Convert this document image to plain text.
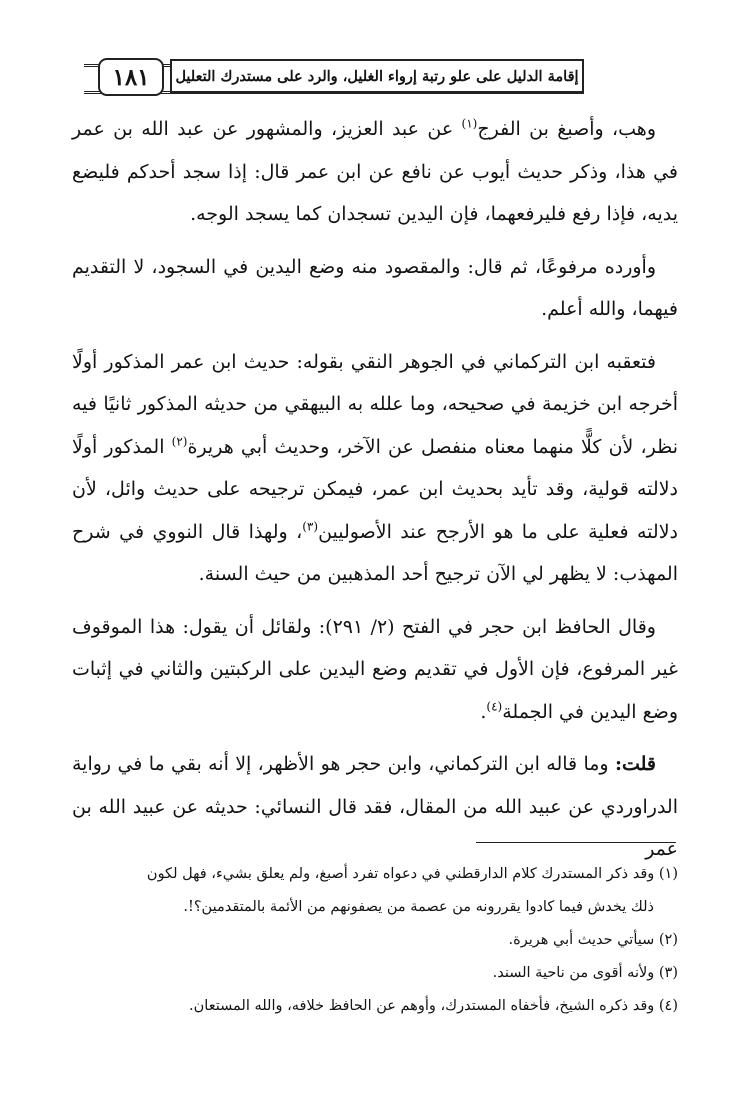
١٨١	إقامة الدليل على علو رتبة إرواء الغليل، والرد على مستدرك التعليل

وهب، وأصبغ بن الفرج$^{(١)}$ عن عبد العزيز، والمشهور عن عبد الله بن عمر في هذا، وذكر حديث أيوب عن نافع عن ابن عمر قال: إذا سجد أحدكم فليضع يديه، فإذا رفع فليرفعهما، فإن اليدين تسجدان كما يسجد الوجه.

وأورده مرفوعًا، ثم قال: والمقصود منه وضع اليدين في السجود، لا التقديم فيهما، والله أعلم.

فتعقبه ابن التركماني في الجوهر النقي بقوله: حديث ابن عمر المذكور أولًا أخرجه ابن خزيمة في صحيحه، وما علله به البيهقي من حديثه المذكور ثانيًا فيه نظر، لأن كلًّا منهما معناه منفصل عن الآخر، وحديث أبي هريرة$^{(٢)}$ المذكور أولًا دلالته قولية، وقد تأيد بحديث ابن عمر، فيمكن ترجيحه على حديث وائل، لأن دلالته فعلية على ما هو الأرجح عند الأصوليين$^{(٣)}$، ولهذا قال النووي في شرح المهذب: لا يظهر لي الآن ترجيح أحد المذهبين من حيث السنة.

وقال الحافظ ابن حجر في الفتح (٢/ ٢٩١): ولقائل أن يقول: هذا الموقوف غير المرفوع، فإن الأول في تقديم وضع اليدين على الركبتين والثاني في إثبات وضع اليدين في الجملة$^{(٤)}$.

قلت: وما قاله ابن التركماني، وابن حجر هو الأظهر، إلا أنه بقي ما في رواية الدراوردي عن عبيد الله من المقال، فقد قال النسائي: حديثه عن عبيد الله بن عمر

(١) وقد ذكر المستدرك كلام الدارقطني في دعواه تفرد أصبغ، ولم يعلق بشيء، فهل لكون

ذلك يخدش فيما كادوا يقررونه من عصمة من يصفونهم من الأئمة بالمتقدمين؟!.

(٢) سيأتي حديث أبي هريرة.

(٣) ولأنه أقوى من ناحية السند.

(٤) وقد ذكره الشيخ، فأخفاه المستدرك، وأوهم عن الحافظ خلافه، والله المستعان.
